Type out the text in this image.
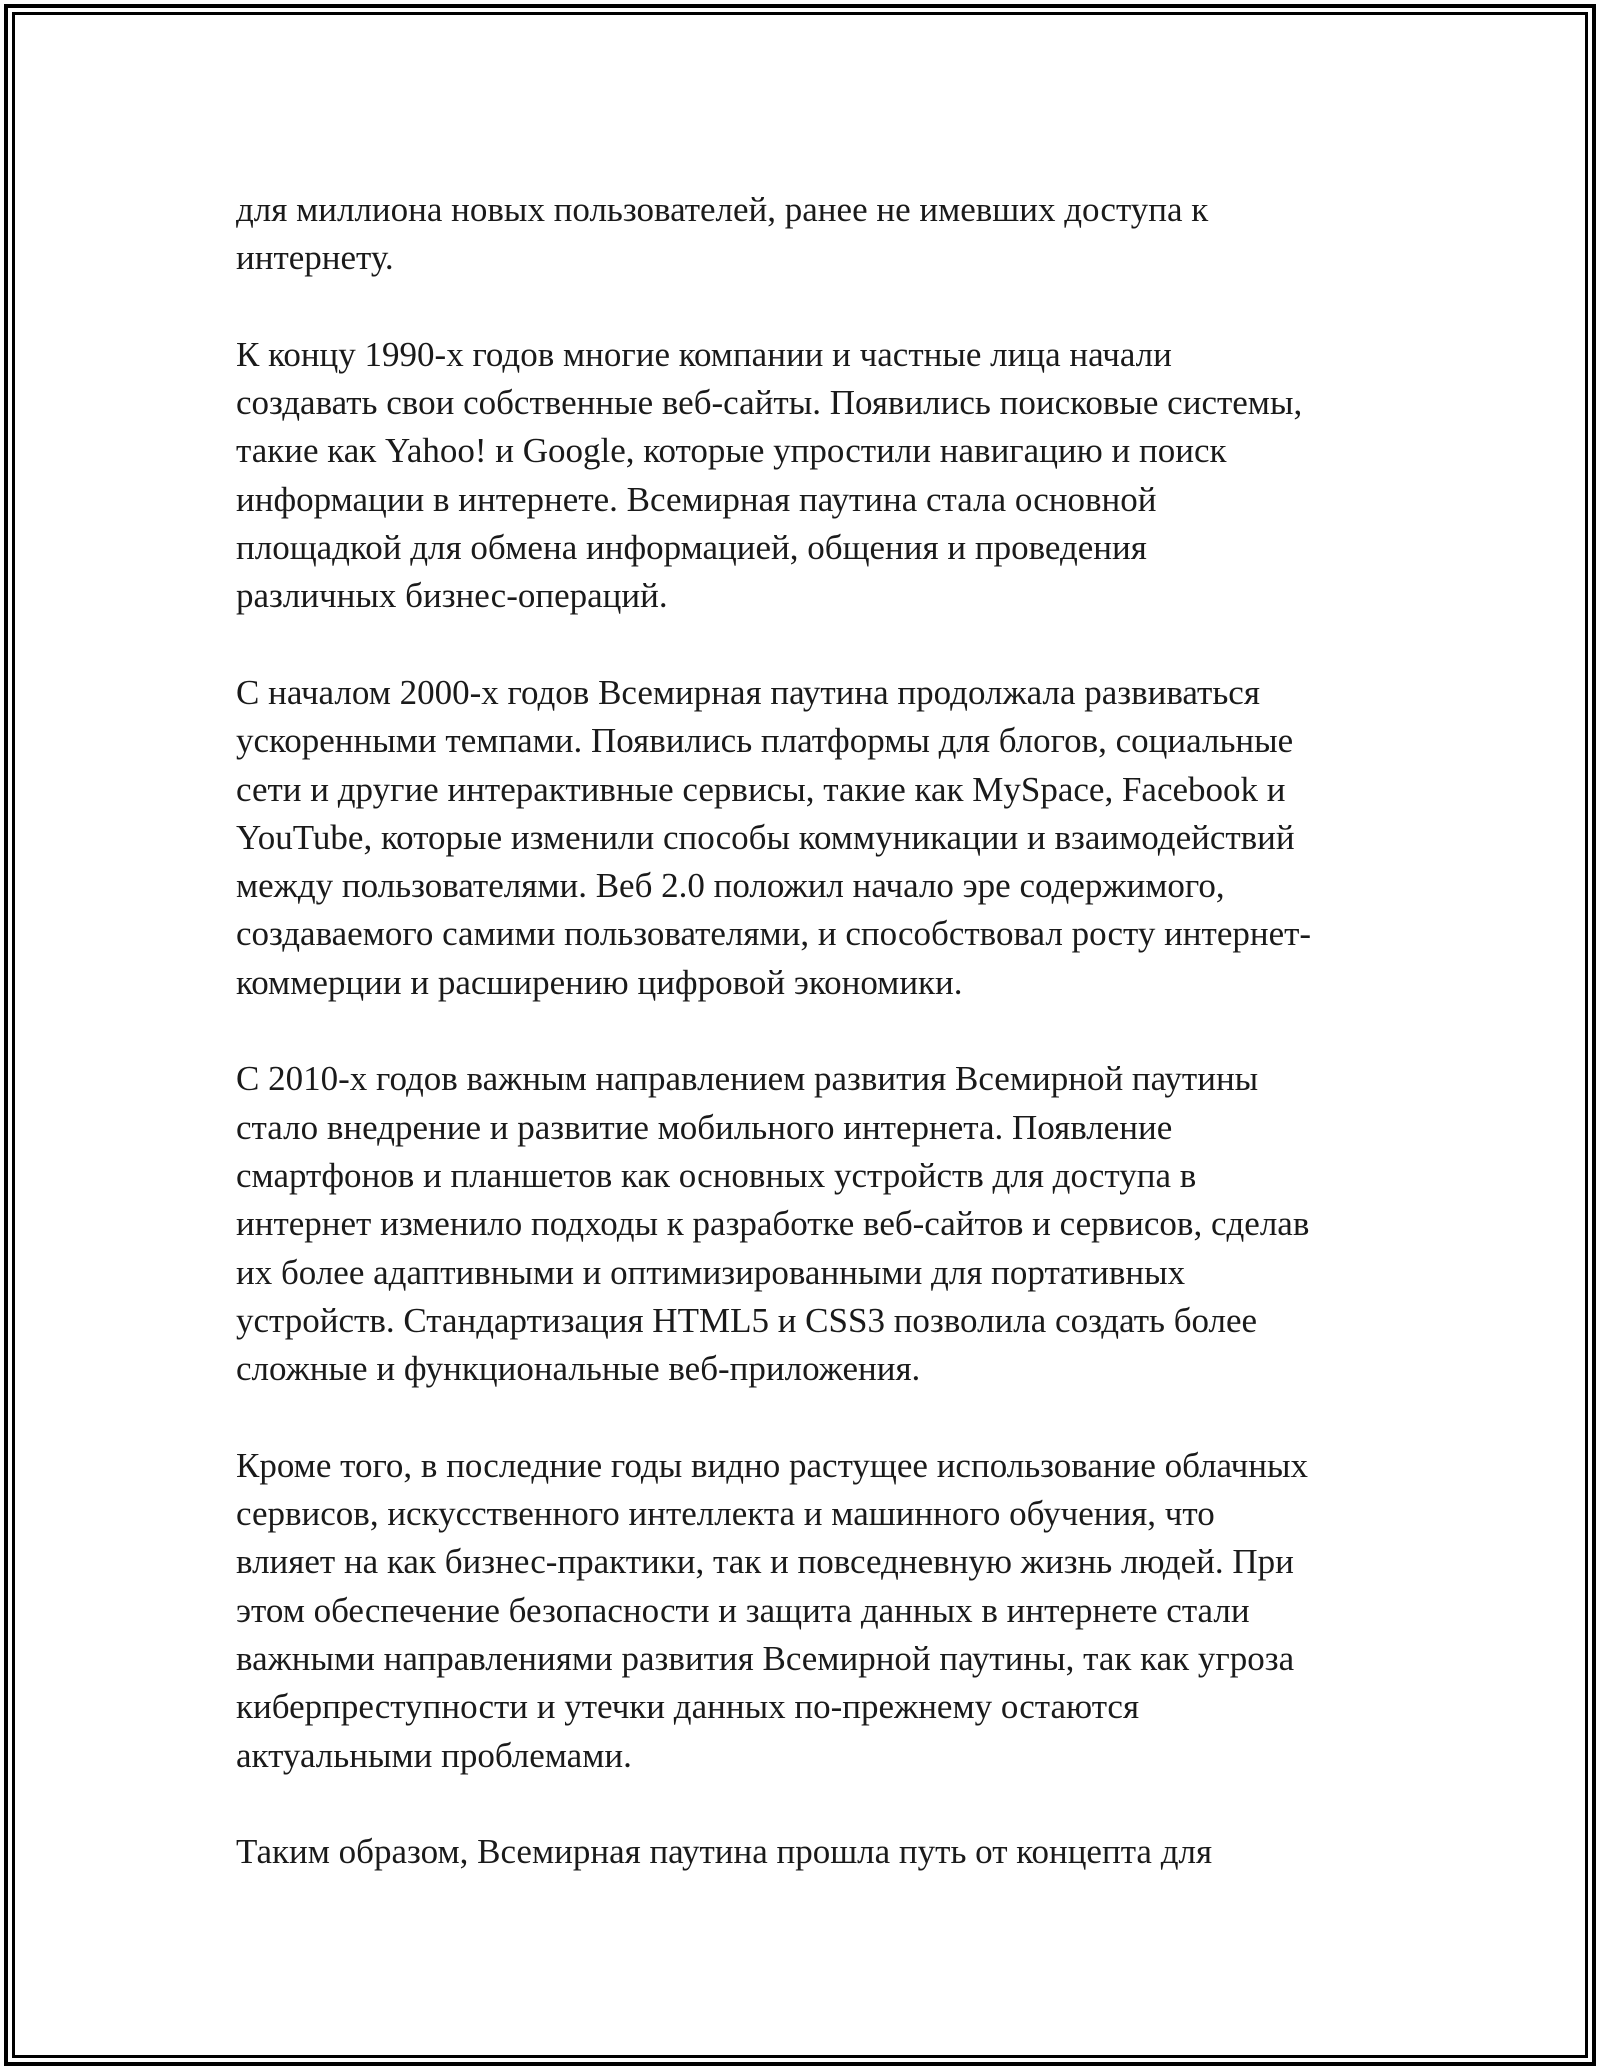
для миллиона новых пользователей, ранее не имевших доступа к
интернету.
К концу 1990-х годов многие компании и частные лица начали
создавать свои собственные веб-сайты. Появились поисковые системы,
такие как Yahoo! и Google, которые упростили навигацию и поиск
информации в интернете. Всемирная паутина стала основной
площадкой для обмена информацией, общения и проведения
различных бизнес-операций.
С началом 2000-х годов Всемирная паутина продолжала развиваться
ускоренными темпами. Появились платформы для блогов, социальные
сети и другие интерактивные сервисы, такие как MySpace, Facebook и
YouTube, которые изменили способы коммуникации и взаимодействий
между пользователями. Веб 2.0 положил начало эре содержимого,
создаваемого самими пользователями, и способствовал росту интернет-
коммерции и расширению цифровой экономики.
С 2010-х годов важным направлением развития Всемирной паутины
стало внедрение и развитие мобильного интернета. Появление
смартфонов и планшетов как основных устройств для доступа в
интернет изменило подходы к разработке веб-сайтов и сервисов, сделав
их более адаптивными и оптимизированными для портативных
устройств. Стандартизация HTML5 и CSS3 позволила создать более
сложные и функциональные веб-приложения.
Кроме того, в последние годы видно растущее использование облачных
сервисов, искусственного интеллекта и машинного обучения, что
влияет на как бизнес-практики, так и повседневную жизнь людей. При
этом обеспечение безопасности и защита данных в интернете стали
важными направлениями развития Всемирной паутины, так как угроза
киберпреступности и утечки данных по-прежнему остаются
актуальными проблемами.
Таким образом, Всемирная паутина прошла путь от концепта для
